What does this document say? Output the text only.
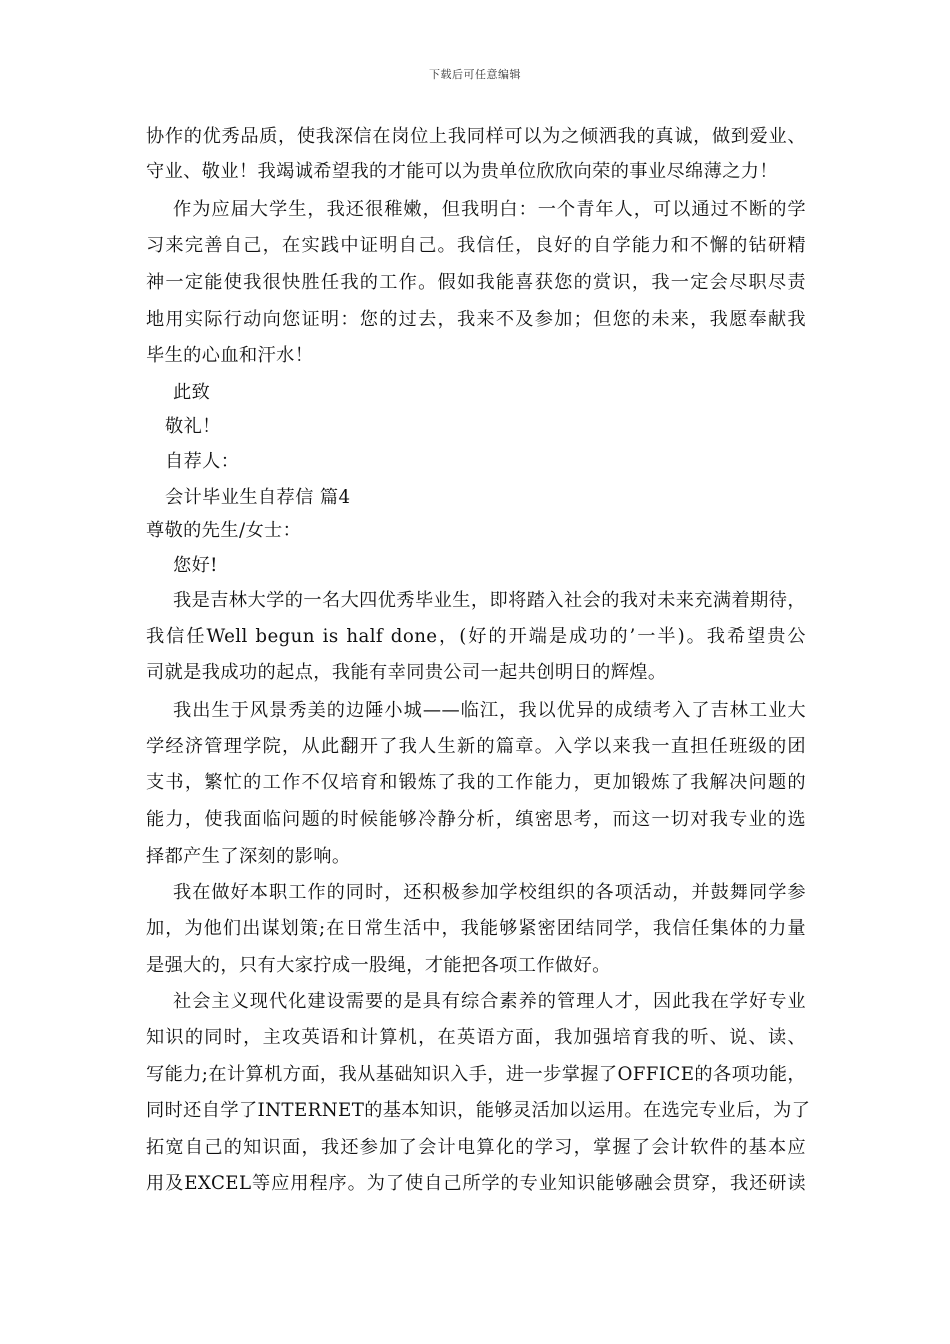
下载后可任意编辑
协作的优秀品质，使我深信在岗位上我同样可以为之倾洒我的真诚，做到爱业、
守业、敬业！我竭诚希望我的才能可以为贵单位欣欣向荣的事业尽绵薄之力！
作为应届大学生，我还很稚嫩，但我明白：一个青年人，可以通过不断的学
习来完善自己，在实践中证明自己。我信任，良好的自学能力和不懈的钻研精
神一定能使我很快胜任我的工作。假如我能喜获您的赏识，我一定会尽职尽责
地用实际行动向您证明：您的过去，我来不及参加；但您的未来，我愿奉献我
毕生的心血和汗水！
此致
敬礼！
自荐人：
会计毕业生自荐信 篇4
尊敬的先生/女士：
您好!
我是吉林大学的一名大四优秀毕业生，即将踏入社会的我对未来充满着期待，
我信任Well begun is half done，(好的开端是成功的’一半)。我希望贵公
司就是我成功的起点，我能有幸同贵公司一起共创明日的辉煌。
我出生于风景秀美的边陲小城——临江，我以优异的成绩考入了吉林工业大
学经济管理学院，从此翻开了我人生新的篇章。入学以来我一直担任班级的团
支书，繁忙的工作不仅培育和锻炼了我的工作能力，更加锻炼了我解决问题的
能力，使我面临问题的时候能够冷静分析，缜密思考，而这一切对我专业的选
择都产生了深刻的影响。
我在做好本职工作的同时，还积极参加学校组织的各项活动，并鼓舞同学参
加，为他们出谋划策;在日常生活中，我能够紧密团结同学，我信任集体的力量
是强大的，只有大家拧成一股绳，才能把各项工作做好。
社会主义现代化建设需要的是具有综合素养的管理人才，因此我在学好专业
知识的同时，主攻英语和计算机，在英语方面，我加强培育我的听、说、读、
写能力;在计算机方面，我从基础知识入手，进一步掌握了OFFICE的各项功能，
同时还自学了INTERNET的基本知识，能够灵活加以运用。在选完专业后，为了
拓宽自己的知识面，我还参加了会计电算化的学习，掌握了会计软件的基本应
用及EXCEL等应用程序。为了使自己所学的专业知识能够融会贯穿，我还研读
